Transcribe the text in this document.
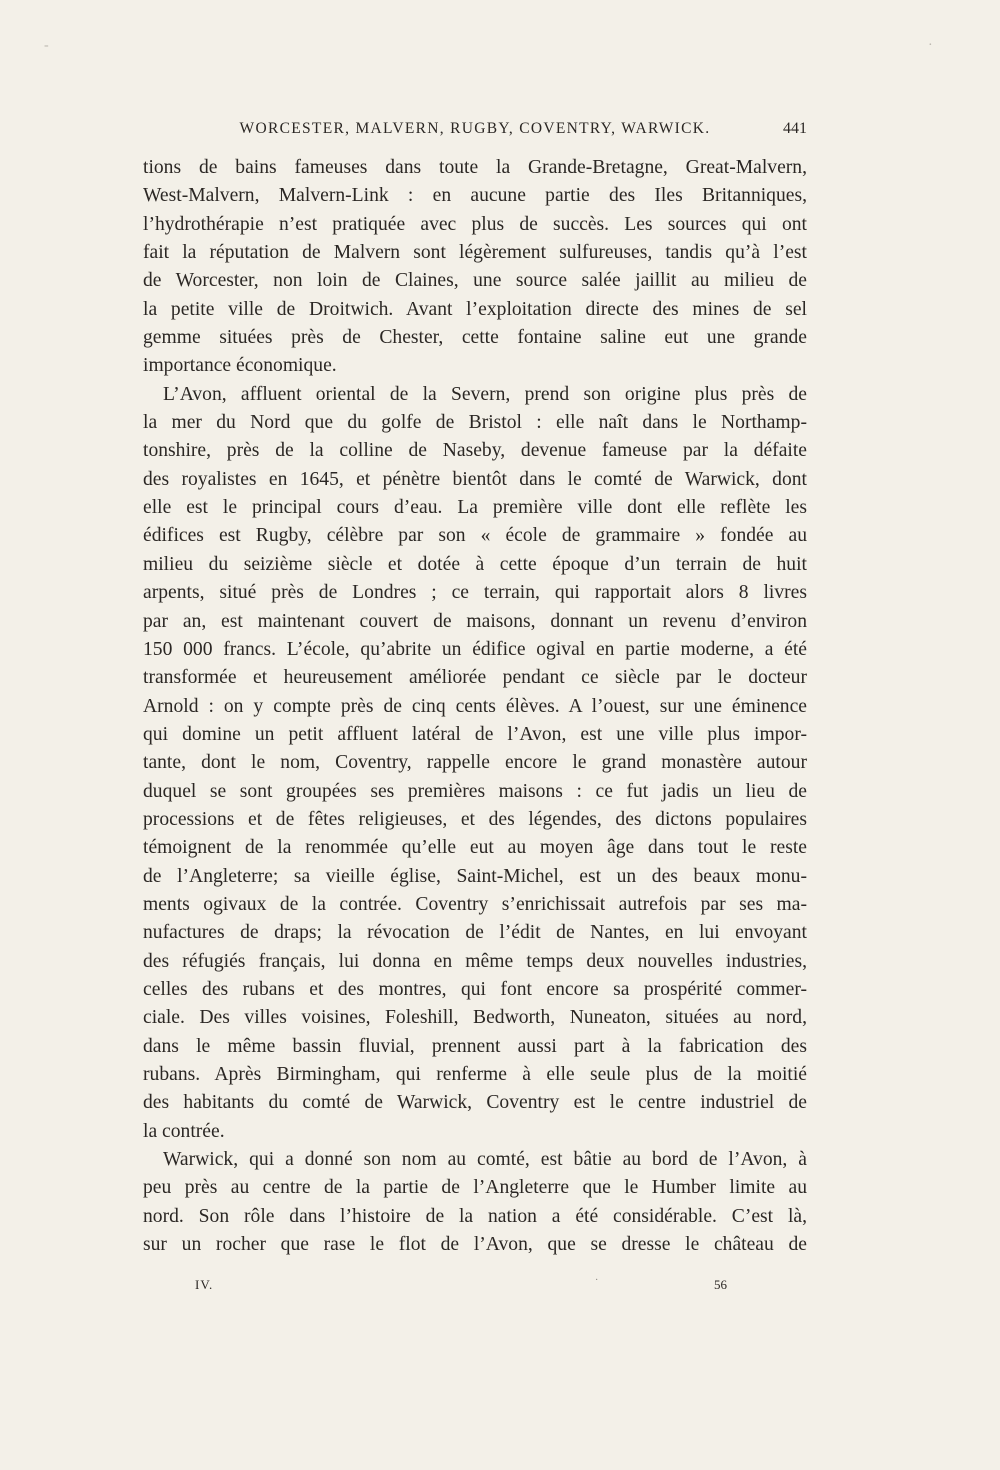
-	·
WORCESTER, MALVERN, RUGBY, COVENTRY, WARWICK.	441
tions de bains fameuses dans toute la Grande-Bretagne, Great-Malvern,
West-Malvern, Malvern-Link : en aucune partie des Iles Britanniques,
l’hydrothérapie n’est pratiquée avec plus de succès. Les sources qui ont
fait la réputation de Malvern sont légèrement sulfureuses, tandis qu’à l’est
de Worcester, non loin de Claines, une source salée jaillit au milieu de
la petite ville de Droitwich. Avant l’exploitation directe des mines de sel
gemme situées près de Chester, cette fontaine saline eut une grande
importance économique.
L’Avon, affluent oriental de la Severn, prend son origine plus près de
la mer du Nord que du golfe de Bristol : elle naît dans le Northamp-
tonshire, près de la colline de Naseby, devenue fameuse par la défaite
des royalistes en 1645, et pénètre bientôt dans le comté de Warwick, dont
elle est le principal cours d’eau. La première ville dont elle reflète les
édifices est Rugby, célèbre par son « école de grammaire » fondée au
milieu du seizième siècle et dotée à cette époque d’un terrain de huit
arpents, situé près de Londres ; ce terrain, qui rapportait alors 8 livres
par an, est maintenant couvert de maisons, donnant un revenu d’environ
150 000 francs. L’école, qu’abrite un édifice ogival en partie moderne, a été
transformée et heureusement améliorée pendant ce siècle par le docteur
Arnold : on y compte près de cinq cents élèves. A l’ouest, sur une éminence
qui domine un petit affluent latéral de l’Avon, est une ville plus impor-
tante, dont le nom, Coventry, rappelle encore le grand monastère autour
duquel se sont groupées ses premières maisons : ce fut jadis un lieu de
processions et de fêtes religieuses, et des légendes, des dictons populaires
témoignent de la renommée qu’elle eut au moyen âge dans tout le reste
de l’Angleterre; sa vieille église, Saint-Michel, est un des beaux monu-
ments ogivaux de la contrée. Coventry s’enrichissait autrefois par ses ma-
nufactures de draps; la révocation de l’édit de Nantes, en lui envoyant
des réfugiés français, lui donna en même temps deux nouvelles industries,
celles des rubans et des montres, qui font encore sa prospérité commer-
ciale. Des villes voisines, Foleshill, Bedworth, Nuneaton, situées au nord,
dans le même bassin fluvial, prennent aussi part à la fabrication des
rubans. Après Birmingham, qui renferme à elle seule plus de la moitié
des habitants du comté de Warwick, Coventry est le centre industriel de
la contrée.
Warwick, qui a donné son nom au comté, est bâtie au bord de l’Avon, à
peu près au centre de la partie de l’Angleterre que le Humber limite au
nord. Son rôle dans l’histoire de la nation a été considérable. C’est là,
sur un rocher que rase le flot de l’Avon, que se dresse le château de
IV.	·	56
